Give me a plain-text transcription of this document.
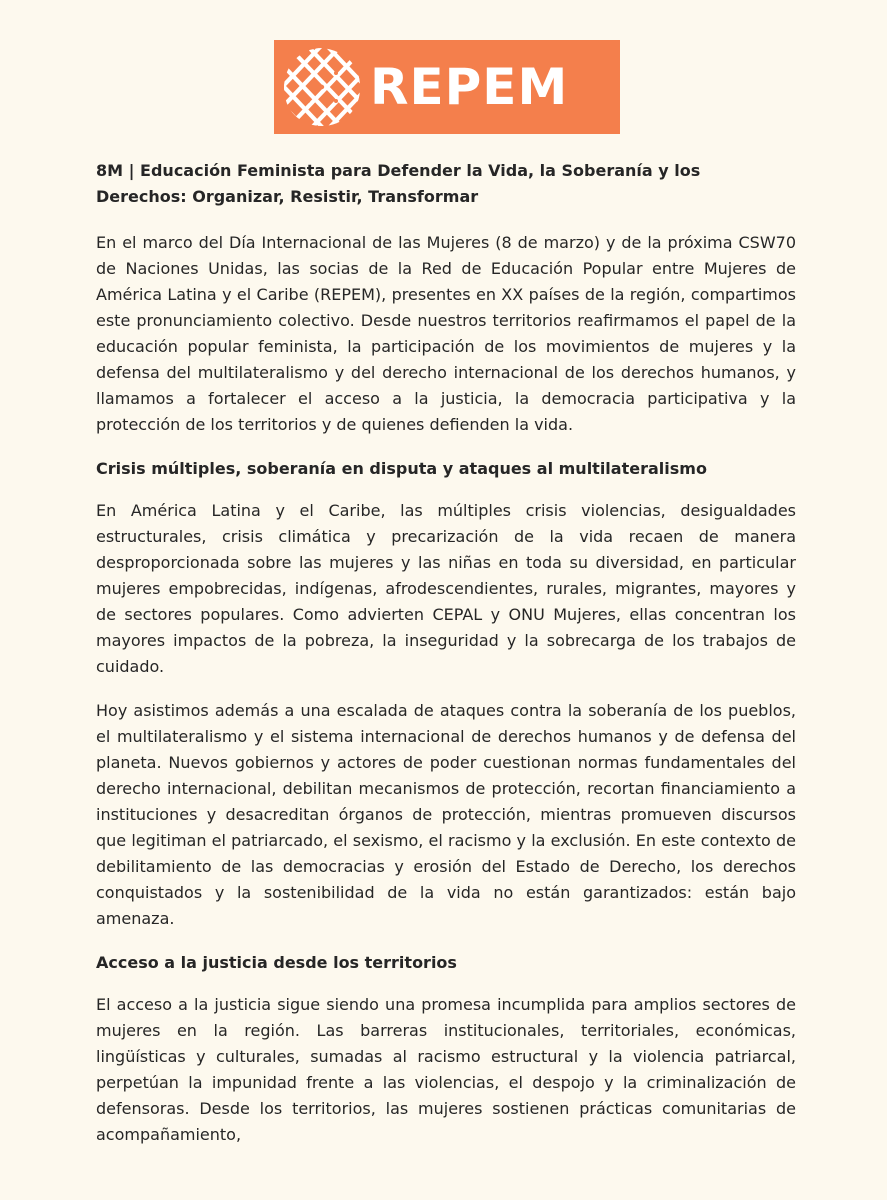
REPEM
8M | Educación Feminista para Defender la Vida, la Soberanía y los Derechos: Organizar, Resistir, Transformar
En el marco del Día Internacional de las Mujeres (8 de marzo) y de la próxima CSW70 de Naciones Unidas, las socias de la Red de Educación Popular entre Mujeres de América Latina y el Caribe (REPEM), presentes en XX países de la región, compartimos este pronunciamiento colectivo. Desde nuestros territorios reafirmamos el papel de la educación popular feminista, la participación de los movimientos de mujeres y la defensa del multilateralismo y del derecho internacional de los derechos humanos, y llamamos a fortalecer el acceso a la justicia, la democracia participativa y la protección de los territorios y de quienes defienden la vida.
Crisis múltiples, soberanía en disputa y ataques al multilateralismo
En América Latina y el Caribe, las múltiples crisis violencias, desigualdades estructurales, crisis climática y precarización de la vida recaen de manera desproporcionada sobre las mujeres y las niñas en toda su diversidad, en particular mujeres empobrecidas, indígenas, afrodescendientes, rurales, migrantes, mayores y de sectores populares. Como advierten CEPAL y ONU Mujeres, ellas concentran los mayores impactos de la pobreza, la inseguridad y la sobrecarga de los trabajos de cuidado.
Hoy asistimos además a una escalada de ataques contra la soberanía de los pueblos, el multilateralismo y el sistema internacional de derechos humanos y de defensa del planeta. Nuevos gobiernos y actores de poder cuestionan normas fundamentales del derecho internacional, debilitan mecanismos de protección, recortan financiamiento a instituciones y desacreditan órganos de protección, mientras promueven discursos que legitiman el patriarcado, el sexismo, el racismo y la exclusión. En este contexto de debilitamiento de las democracias y erosión del Estado de Derecho, los derechos conquistados y la sostenibilidad de la vida no están garantizados: están bajo amenaza.
Acceso a la justicia desde los territorios
El acceso a la justicia sigue siendo una promesa incumplida para amplios sectores de mujeres en la región. Las barreras institucionales, territoriales, económicas, lingüísticas y culturales, sumadas al racismo estructural y la violencia patriarcal, perpetúan la impunidad frente a las violencias, el despojo y la criminalización de defensoras. Desde los territorios, las mujeres sostienen prácticas comunitarias de acompañamiento,
